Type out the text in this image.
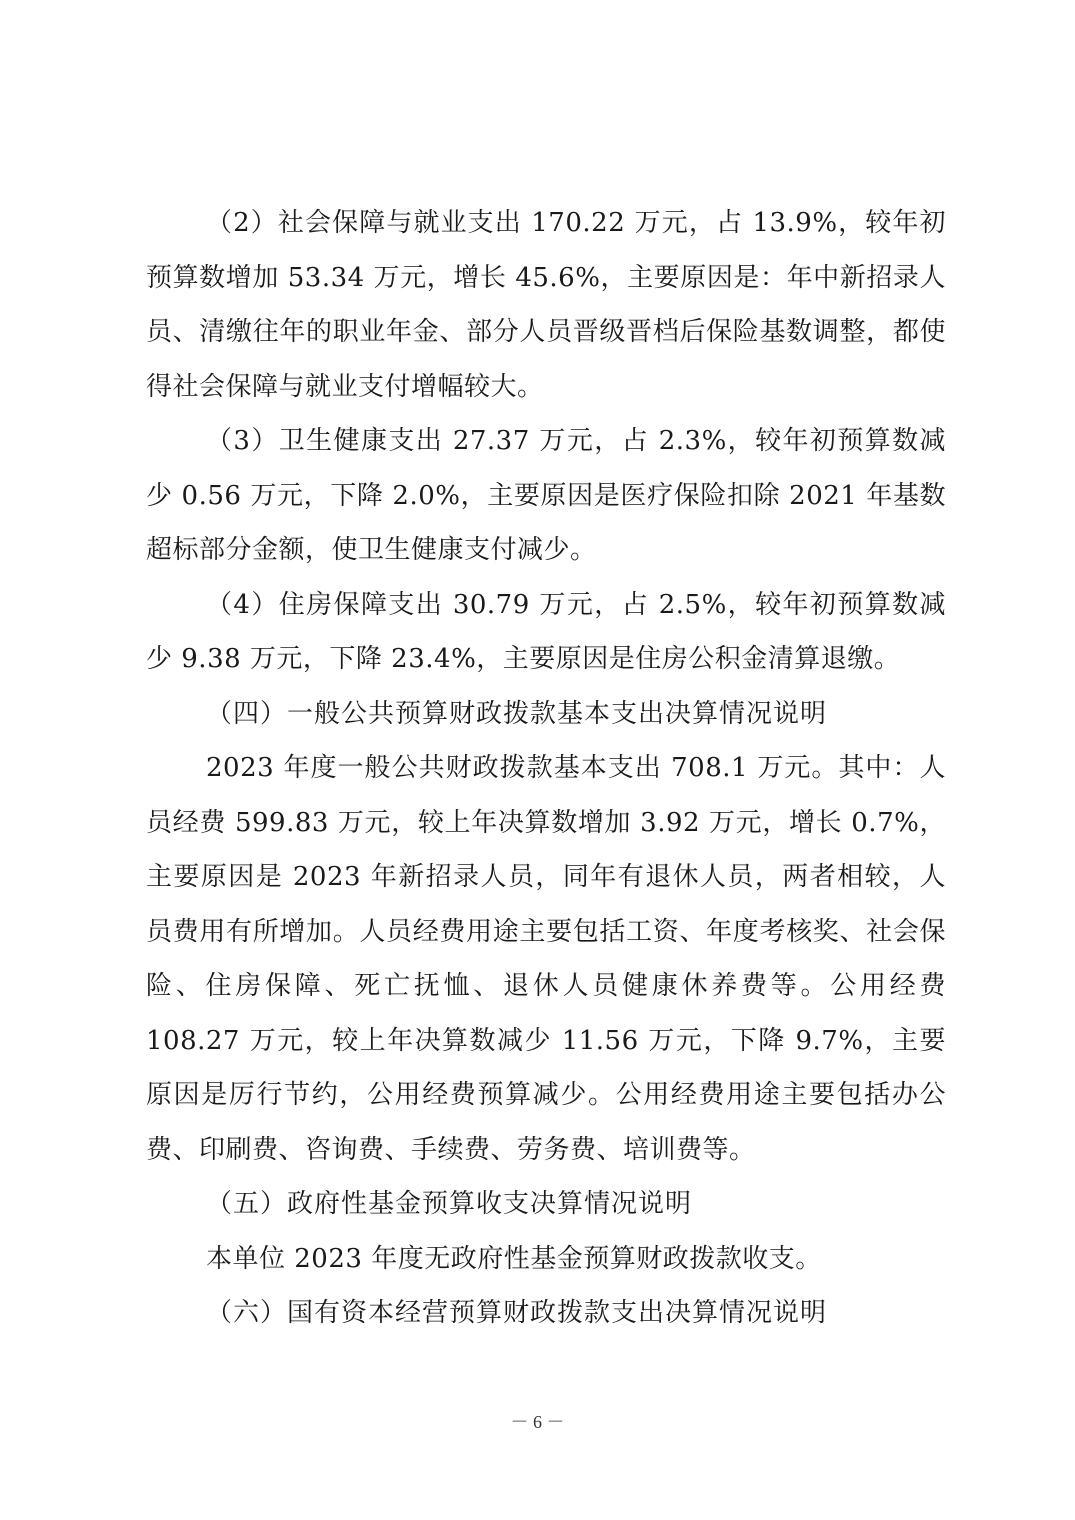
（2）社会保障与就业支出 170.22 万元，占 13.9%，较年初预算数增加 53.34 万元，增长 45.6%，主要原因是：年中新招录人员、清缴往年的职业年金、部分人员晋级晋档后保险基数调整，都使得社会保障与就业支付增幅较大。

（3）卫生健康支出 27.37 万元，占 2.3%，较年初预算数减少 0.56 万元，下降 2.0%，主要原因是医疗保险扣除 2021 年基数超标部分金额，使卫生健康支付减少。

（4）住房保障支出 30.79 万元，占 2.5%，较年初预算数减少 9.38 万元，下降 23.4%，主要原因是住房公积金清算退缴。

（四）一般公共预算财政拨款基本支出决算情况说明

2023 年度一般公共财政拨款基本支出 708.1 万元。其中：人员经费 599.83 万元，较上年决算数增加 3.92 万元，增长 0.7%，主要原因是 2023 年新招录人员，同年有退休人员，两者相较，人员费用有所增加。人员经费用途主要包括工资、年度考核奖、社会保险、住房保障、死亡抚恤、退休人员健康休养费等。公用经费 108.27 万元，较上年决算数减少 11.56 万元，下降 9.7%，主要原因是厉行节约，公用经费预算减少。公用经费用途主要包括办公费、印刷费、咨询费、手续费、劳务费、培训费等。

（五）政府性基金预算收支决算情况说明

本单位 2023 年度无政府性基金预算财政拨款收支。

（六）国有资本经营预算财政拨款支出决算情况说明

－ 6 －
